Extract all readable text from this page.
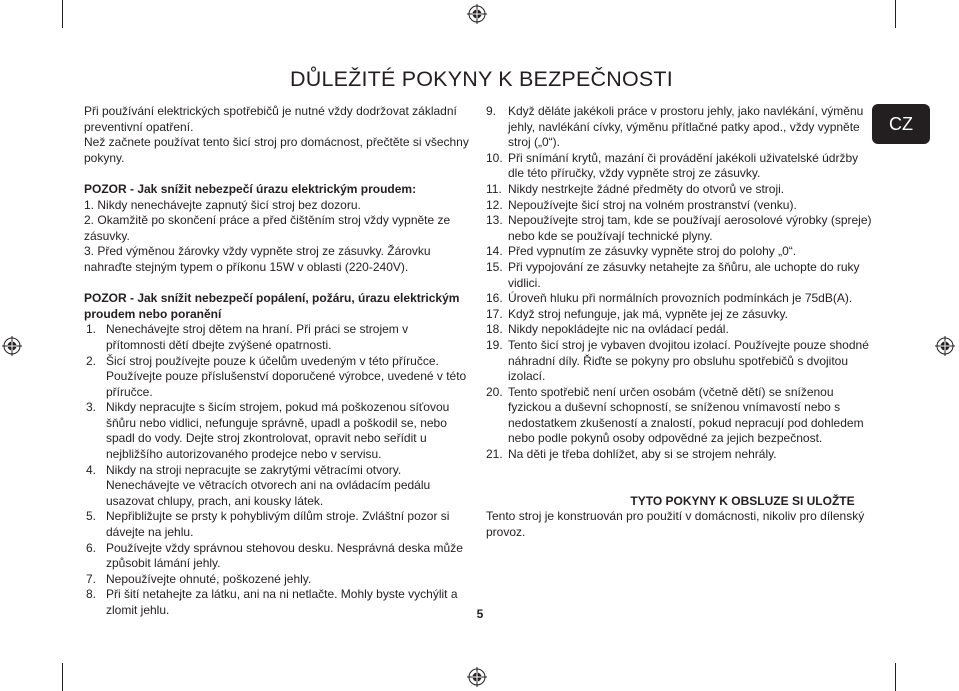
DŮLEŽITÉ POKYNY K BEZPEČNOSTI
CZ

Při používání elektrických spotřebičů je nutné vždy dodržovat základní preventivní opatření.

Než začnete používat tento šicí stroj pro domácnost, přečtěte si všechny pokyny.

POZOR - Jak snížit nebezpečí úrazu elektrickým proudem:

1. Nikdy nenechávejte zapnutý šicí stroj bez dozoru.
2. Okamžitě po skončení práce a před čištěním stroj vždy vypněte ze zásuvky.
3. Před výměnou žárovky vždy vypněte stroj ze zásuvky. Žárovku nahraďte stejným typem o příkonu 15W v oblasti (220-240V).

POZOR - Jak snížit nebezpečí popálení, požáru, úrazu elektrickým proudem nebo poranění

1. Nenechávejte stroj dětem na hraní. Při práci se strojem v přítomnosti dětí dbejte zvýšené opatrnosti.
2. Šicí stroj používejte pouze k účelům uvedeným v této příručce. Používejte pouze příslušenství doporučené výrobce, uvedené v této příručce.
3. Nikdy nepracujte s šicím strojem, pokud má poškozenou síťovou šňůru nebo vidlici, nefunguje správně, upadl a poškodil se, nebo spadl do vody. Dejte stroj zkontrolovat, opravit nebo seřídit u nejbližšího autorizovaného prodejce nebo v servisu.
4. Nikdy na stroji nepracujte se zakrytými větracími otvory. Nenechávejte ve větracích otvorech ani na ovládacím pedálu usazovat chlupy, prach, ani kousky látek.
5. Nepřibližujte se prsty k pohyblivým dílům stroje. Zvláštní pozor si dávejte na jehlu.
6. Používejte vždy správnou stehovou desku. Nesprávná deska může způsobit lámání jehly.
7. Nepoužívejte ohnuté, poškozené jehly.
8. Při šití netahejte za látku, ani na ni netlačte. Mohly byste vychýlit a zlomit jehlu.
9. Když děláte jakékoli práce v prostoru jehly, jako navlékání, výměnu jehly, navlékání cívky, výměnu přítlačné patky apod., vždy vypněte stroj („0“).
10. Při snímání krytů, mazání či provádění jakékoli uživatelské údržby dle této příručky, vždy vypněte stroj ze zásuvky.
11. Nikdy nestrkejte žádné předměty do otvorů ve stroji.
12. Nepoužívejte šicí stroj na volném prostranství (venku).
13. Nepoužívejte stroj tam, kde se používají aerosolové výrobky (spreje) nebo kde se používají technické plyny.
14. Před vypnutím ze zásuvky vypněte stroj do polohy „0“.
15. Při vypojování ze zásuvky netahejte za šňůru, ale uchopte do ruky vidlici.
16. Úroveň hluku při normálních provozních podmínkách je 75dB(A).
17. Když stroj nefunguje, jak má, vypněte jej ze zásuvky.
18. Nikdy nepokládejte nic na ovládací pedál.
19. Tento šicí stroj je vybaven dvojitou izolací. Používejte pouze shodné náhradní díly. Řiďte se pokyny pro obsluhu spotřebičů s dvojitou izolací.
20. Tento spotřebič není určen osobám (včetně dětí) se sníženou fyzickou a duševní schopností, se sníženou vnímavostí nebo s nedostatkem zkušeností a znalostí, pokud nepracují pod dohledem nebo podle pokynů osoby odpovědné za jejich bezpečnost.
21. Na děti je třeba dohlížet, aby si se strojem nehrály.

TYTO POKYNY K OBSLUZE SI ULOŽTE

Tento stroj je konstruován pro použití v domácnosti, nikoliv pro dílenský provoz.

5
